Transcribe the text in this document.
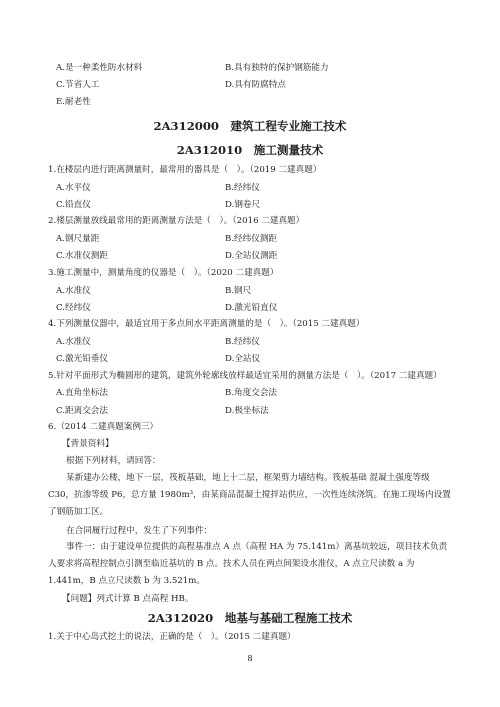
A.是一种柔性防水材料	B.具有独特的保护钢筋能力
C.节省人工	D.具有防腐特点
E.耐老性
2A312000　建筑工程专业施工技术
2A312010　施工测量技术
1.在楼层内进行距离测量时，最常用的器具是（　）。（2019 二建真题）
A.水平仪	B.经纬仪
C.铅直仪	D.钢卷尺
2.楼层测量放线最常用的距离测量方法是（　）。（2016 二建真题）
A.钢尺量距	B.经纬仪测距
C.水准仪测距	D.全站仪测距
3.施工测量中，测量角度的仪器是（　）。（2020 二建真题）
A.水准仪	B.钢尺
C.经纬仪	D.激光铅直仪
4.下列测量仪器中，最适宜用于多点间水平距离测量的是（　）。（2015 二建真题）
A.水准仪	B.经纬仪
C.激光铅垂仪	D.全站仪
5.针对平面形式为椭圆形的建筑，建筑外轮廓线放样最适宜采用的测量方法是（　）。（2017 二建真题）
A.直角坐标法	B.角度交会法
C.距离交会法	D.极坐标法
6.（2014 二建真题案例三）
【背景资料】
根据下列材料，请回答：
某新建办公楼，地下一层，筏板基础，地上十二层，框架剪力墙结构。筏板基础 混凝土强度等级 C30，抗渗等级 P6，总方量 1980m³，由某商品混凝土搅拌站供应，一次性连续浇筑。在施工现场内设置了钢筋加工区。
在合同履行过程中，发生了下列事件：
事件一：由于建设单位提供的高程基准点 A 点（高程 HA 为 75.141m）离基坑较远，项目技术负责人要求将高程控制点引测至临近基坑的 B 点。技术人员在两点间架设水准仪，A 点立尺读数 a 为 1.441m，B 点立尺读数 b 为 3.521m。
【问题】列式计算 B 点高程 HB。
2A312020　地基与基础工程施工技术
1.关于中心岛式挖土的说法，正确的是（　）。（2015 二建真题）
8
